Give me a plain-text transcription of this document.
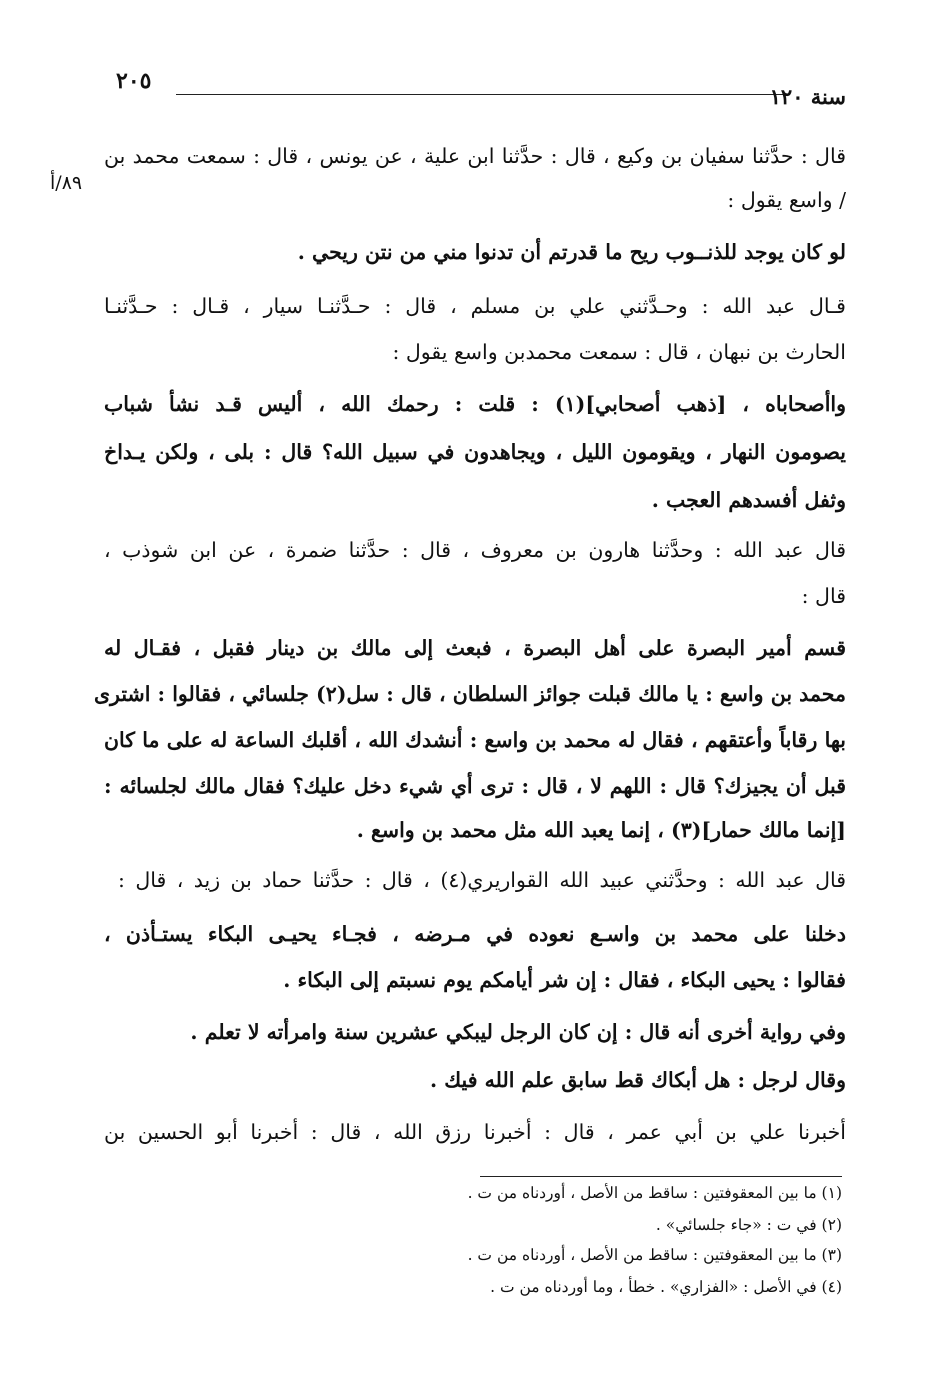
٢٠٥
سنة ١٢٠
٨٩/أ
قال : حدَّثنا سفيان بن وكيع ، قال : حدَّثنا ابن علية ، عن يونس ، قال : سمعت محمد بن
/ واسع يقول :
لو كان يوجد للذنــوب ريح ما قدرتم أن تدنوا مني من نتن ريحي .
قـال عبد الله : وحـدَّثني علي بن مسلم ، قال : حـدَّثنـا سيار ، قـال : حـدَّثنـا
الحارث بن نبهان ، قال : سمعت محمدبن واسع يقول :
واأصحاباه ، [ذهب أصحابي](١) : قلت : رحمك الله ، أليس قـد نشأ شباب
يصومون النهار ، ويقومون الليل ، ويجاهدون في سبيل الله؟ قال : بلى ، ولكن يـداخ
وثفل أفسدهم العجب .
قال عبد الله : وحدَّثنا هارون بن معروف ، قال : حدَّثنا ضمرة ، عن ابن شوذب ،
قال :
قسم أمير البصرة على أهل البصرة ، فبعث إلى مالك بن دينار فقبل ، فقـال له
محمد بن واسع : يا مالك قبلت جوائز السلطان ، قال : سل(٢) جلسائي ، فقالوا : اشترى
بها رقاباً وأعتقهم ، فقال له محمد بن واسع : أنشدك الله ، أقلبك الساعة له على ما كان
قبل أن يجيزك؟ قال : اللهم لا ، قال : ترى أي شيء دخل عليك؟ فقال مالك لجلسائه :
[إنما مالك حمار](٣) ، إنما يعبد الله مثل محمد بن واسع .
قال عبد الله : وحدَّثني عبيد الله القواريري(٤) ، قال : حدَّثنا حماد بن زيد ، قال :
دخلنا على محمد بن واسـع نعوده في مـرضه ، فجـاء يحيـى البكاء يستـأذن ،
فقالوا : يحيى البكاء ، فقال : إن شر أيامكم يوم نسبتم إلى البكاء .
وفي رواية أخرى أنه قال : إن كان الرجل ليبكي عشرين سنة وامرأته لا تعلم .
وقال لرجل : هل أبكاك قط سابق علم الله فيك .
أخبرنا علي بن أبي عمر ، قال : أخبرنا رزق الله ، قال : أخبرنا أبو الحسين بن
(١) ما بين المعقوفتين : ساقط من الأصل ، أوردناه من ت .
(٢) في ت : «جاء جلسائي» .
(٣) ما بين المعقوفتين : ساقط من الأصل ، أوردناه من ت .
(٤) في الأصل : «الفزاري» . خطأ ، وما أوردناه من ت .
